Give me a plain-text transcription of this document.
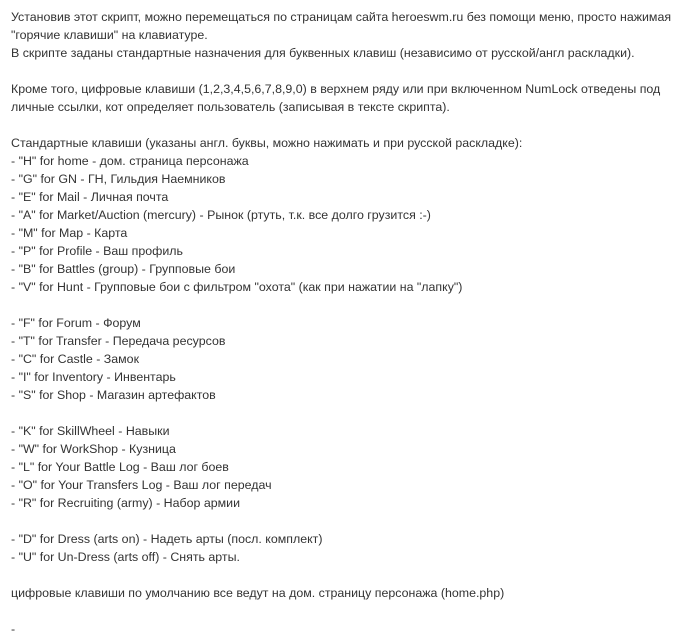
Установив этот скрипт, можно перемещаться по страницам сайта heroeswm.ru без помощи меню, просто нажимая

"горячие клавиши" на клавиатуре.

В скрипте заданы стандартные назначения для буквенных клавиш (независимо от русской/англ раскладки).

Кроме того, цифровые клавиши (1,2,3,4,5,6,7,8,9,0) в верхнем ряду или при включенном NumLock отведены под

личные ссылки, кот определяет пользователь (записывая в тексте скрипта).

Стандартные клавиши (указаны англ. буквы, можно нажимать и при русской раскладке):

- "H" for home - дом. страница персонажа

- "G" for GN - ГН, Гильдия Наемников

- "E" for Mail - Личная почта

- "A" for Market/Auction (mercury) - Рынок (ртуть, т.к. все долго грузится :-)

- "M" for Map - Карта

- "P" for Profile - Ваш профиль

- "B" for Battles (group) - Групповые бои

- "V" for Hunt - Групповые бои с фильтром "охота" (как при нажатии на "лапку")

- "F" for Forum - Форум

- "T" for Transfer - Передача ресурсов

- "C" for Castle - Замок

- "I" for Inventory - Инвентарь

- "S" for Shop - Магазин артефактов

- "K" for SkillWheel - Навыки

- "W" for WorkShop - Кузница

- "L" for Your Battle Log - Ваш лог боев

- "O" for Your Transfers Log - Ваш лог передач

- "R" for Recruiting (army) - Набор армии

- "D" for Dress (arts on) - Надеть арты (посл. комплект)

- "U" for Un-Dress (arts off) - Снять арты.

цифровые клавиши по умолчанию все ведут на дом. страницу персонажа (home.php)

-
